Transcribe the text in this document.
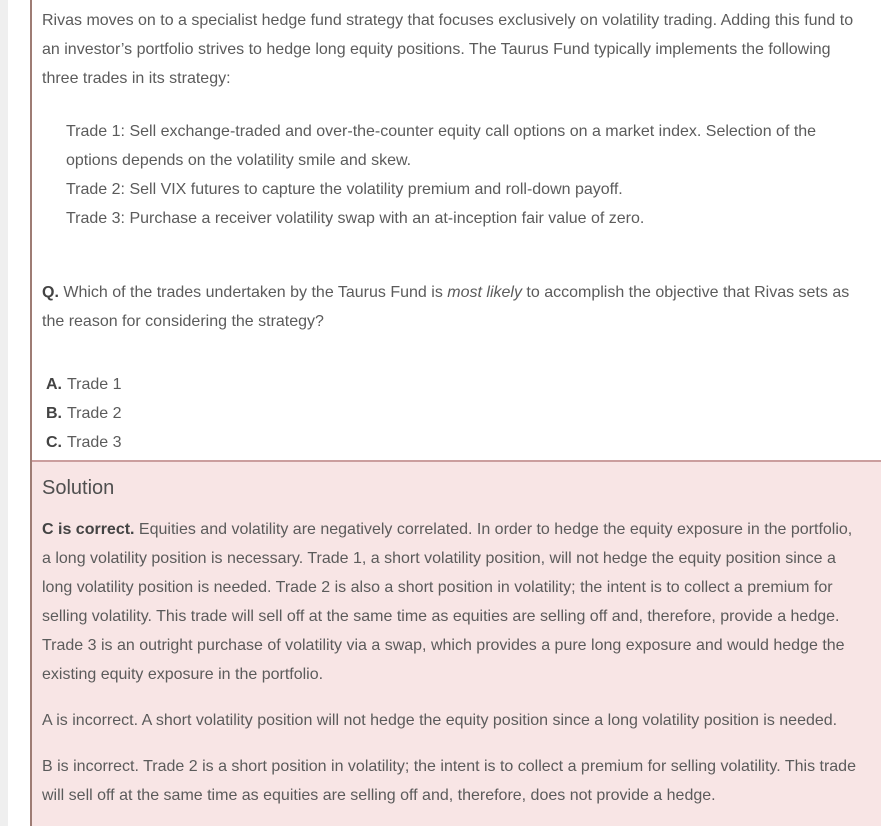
Rivas moves on to a specialist hedge fund strategy that focuses exclusively on volatility trading. Adding this fund to an investor’s portfolio strives to hedge long equity positions. The Taurus Fund typically implements the following three trades in its strategy:

Trade 1: Sell exchange-traded and over-the-counter equity call options on a market index. Selection of the options depends on the volatility smile and skew.

Trade 2: Sell VIX futures to capture the volatility premium and roll-down payoff.

Trade 3: Purchase a receiver volatility swap with an at-inception fair value of zero.

Q. Which of the trades undertaken by the Taurus Fund is most likely to accomplish the objective that Rivas sets as the reason for considering the strategy?

A. Trade 1
B. Trade 2
C. Trade 3
Solution

C is correct. Equities and volatility are negatively correlated. In order to hedge the equity exposure in the portfolio, a long volatility position is necessary. Trade 1, a short volatility position, will not hedge the equity position since a long volatility position is needed. Trade 2 is also a short position in volatility; the intent is to collect a premium for selling volatility. This trade will sell off at the same time as equities are selling off and, therefore, provide a hedge. Trade 3 is an outright purchase of volatility via a swap, which provides a pure long exposure and would hedge the existing equity exposure in the portfolio.

A is incorrect. A short volatility position will not hedge the equity position since a long volatility position is needed.

B is incorrect. Trade 2 is a short position in volatility; the intent is to collect a premium for selling volatility. This trade will sell off at the same time as equities are selling off and, therefore, does not provide a hedge.
